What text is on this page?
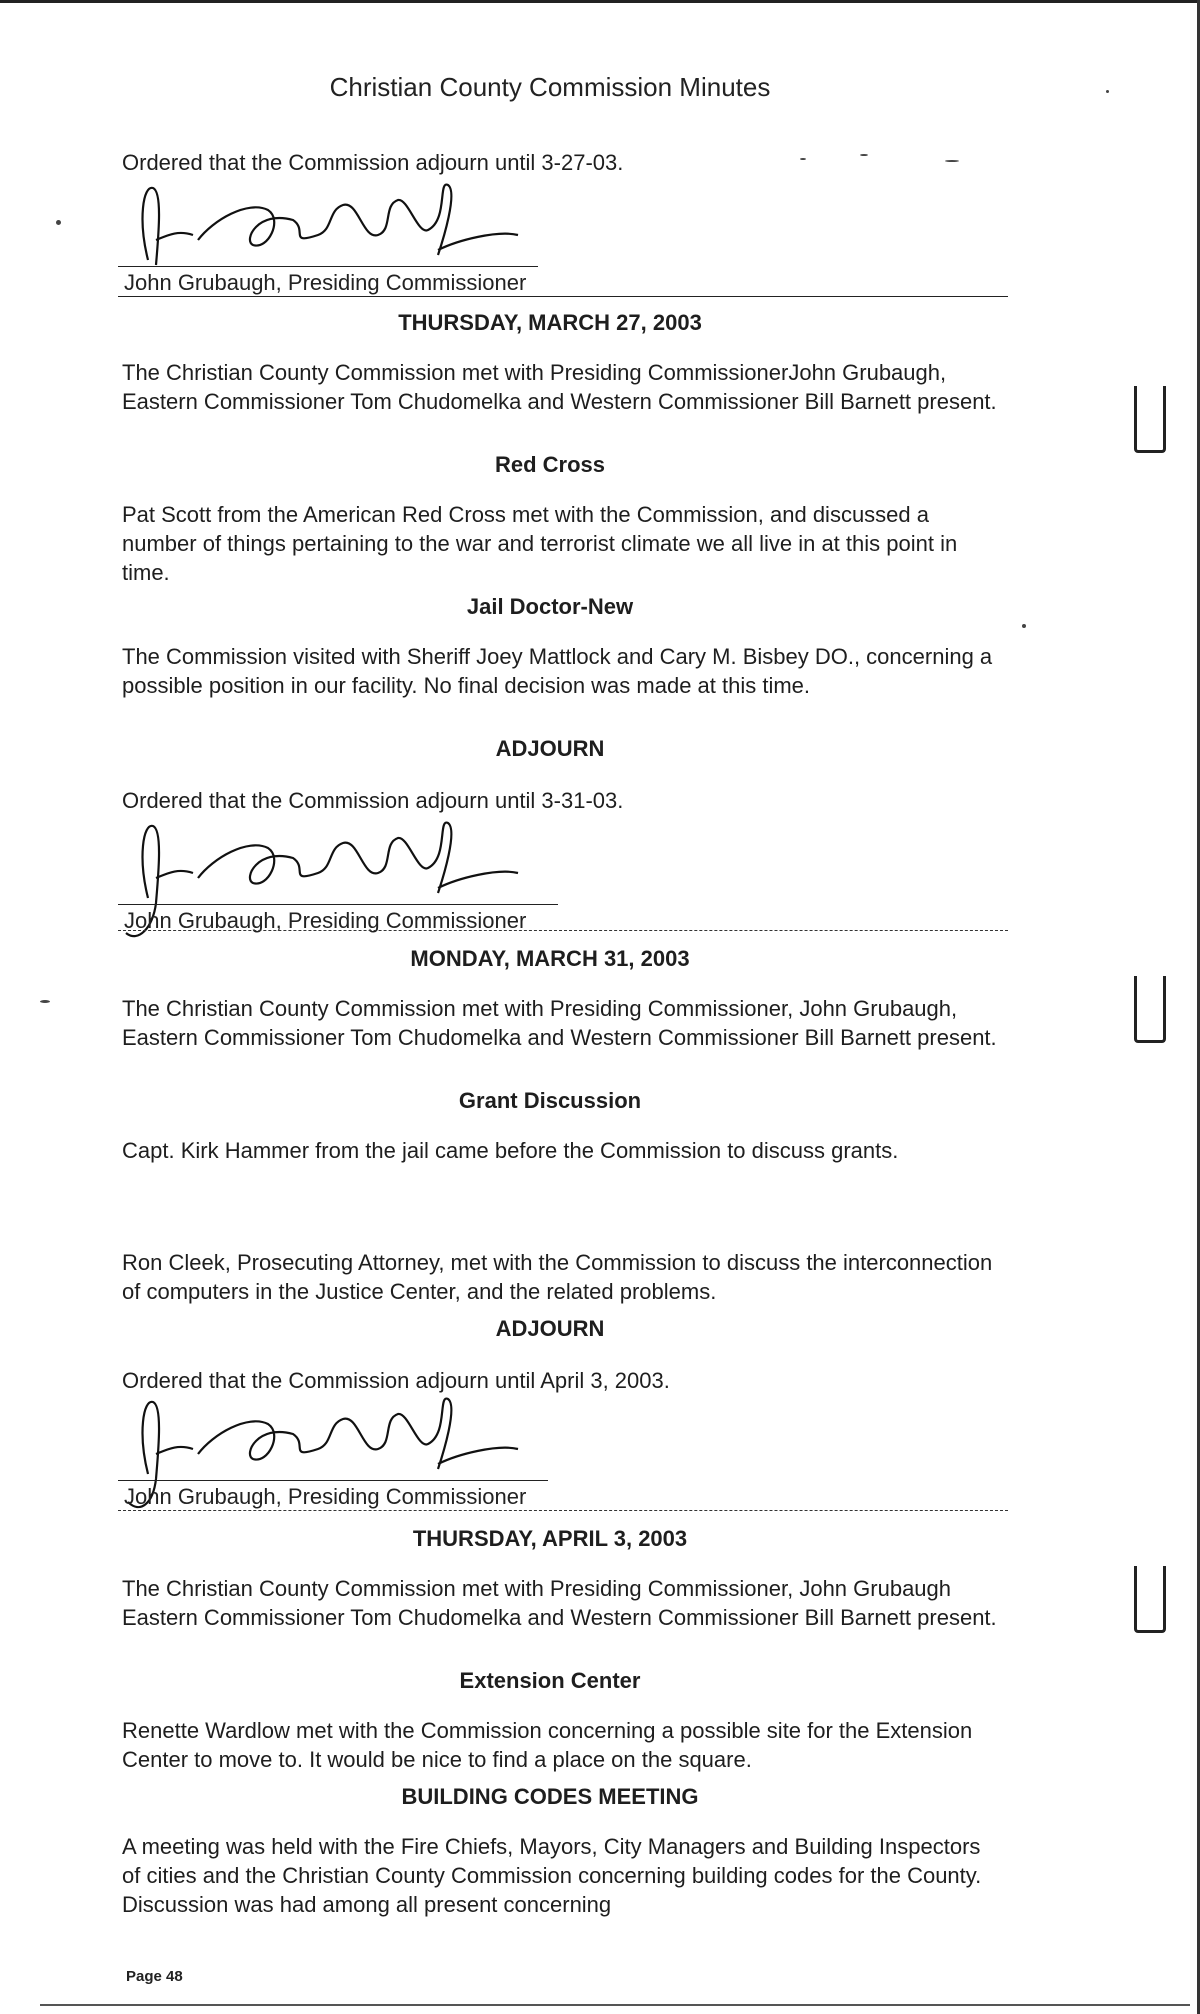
Christian County Commission Minutes
Ordered that the Commission adjourn until 3-27-03.
John Grubaugh, Presiding Commissioner
THURSDAY, MARCH 27, 2003
The Christian County Commission met with Presiding CommissionerJohn Grubaugh, Eastern Commissioner Tom Chudomelka and Western Commissioner Bill Barnett present.
Red Cross
Pat Scott from the American Red Cross met with the Commission, and discussed a number of things pertaining to the war and terrorist climate we all live in at this point in time.
Jail Doctor-New
The Commission visited with Sheriff Joey Mattlock and Cary M. Bisbey DO., concerning a possible position in our facility. No final decision was made at this time.
ADJOURN
Ordered that the Commission adjourn until 3-31-03.
John Grubaugh, Presiding Commissioner
MONDAY, MARCH 31, 2003
The Christian County Commission met with Presiding Commissioner, John Grubaugh, Eastern Commissioner Tom Chudomelka and Western Commissioner Bill Barnett present.
Grant Discussion
Capt. Kirk Hammer from the jail came before the Commission to discuss grants.
Ron Cleek, Prosecuting Attorney, met with the Commission to discuss the interconnection of computers in the Justice Center, and the related problems.
ADJOURN
Ordered that the Commission adjourn until April 3, 2003.
John Grubaugh, Presiding Commissioner
THURSDAY, APRIL 3, 2003
The Christian County Commission met with Presiding Commissioner, John Grubaugh Eastern Commissioner Tom Chudomelka and Western Commissioner Bill Barnett present.
Extension Center
Renette Wardlow met with the Commission concerning a possible site for the Extension Center to move to. It would be nice to find a place on the square.
BUILDING CODES MEETING
A meeting was held with the Fire Chiefs, Mayors, City Managers and Building Inspectors of cities and the Christian County Commission concerning building codes for the County. Discussion was had among all present concerning
Page 48
